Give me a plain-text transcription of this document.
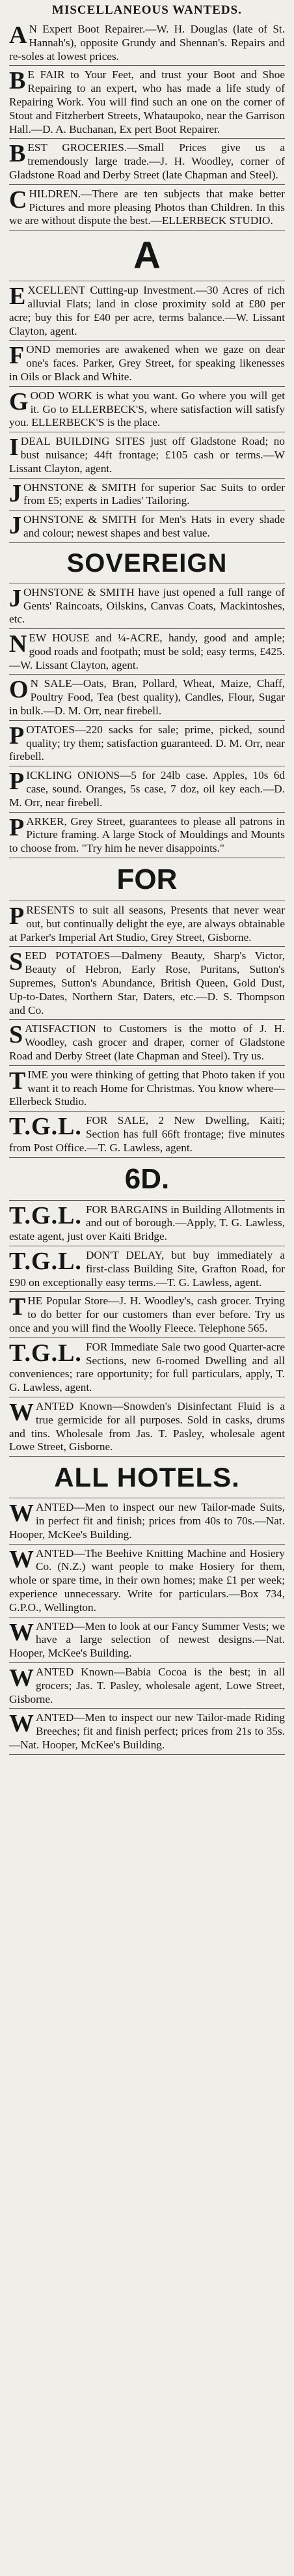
MISCELLANEOUS WANTEDS.
A N Expert Boot Repairer.—W. H. Douglas (late of St. Hannah's), opposite Grundy and Shennan's. Repairs and re-soles at lowest prices.

B E FAIR to Your Feet, and trust your Boot and Shoe Repairing to an expert, who has made a life study of Repairing Work. You will find such an one on the corner of Stout and Fitzherbert Streets, Whataupoko, near the Garrison Hall.—D. A. Buchanan, Ex pert Boot Repairer.

B EST GROCERIES.—Small Prices give us a tremendously large trade.—J. H. Woodley, corner of Gladstone Road and Derby Street (late Chapman and Steel).

C HILDREN.—There are ten subjects that make better Pictures and more pleasing Photos than Children. In this we are without dispute the best.—ELLERBECK STUDIO.

A
E XCELLENT Cutting-up Investment.—30 Acres of rich alluvial Flats; land in close proximity sold at £80 per acre; buy this for £40 per acre, terms balance.—W. Lissant Clayton, agent.

F OND memories are awakened when we gaze on dear one's faces. Parker, Grey Street, for speaking likenesses in Oils or Black and White.

G OOD WORK is what you want. Go where you will get it. Go to ELLERBECK'S, where satisfaction will satisfy you. ELLERBECK'S is the place.

I DEAL BUILDING SITES just off Gladstone Road; no bust nuisance; 44ft frontage; £105 cash or terms.—W Lissant Clayton, agent.

J OHNSTONE & SMITH for superior Sac Suits to order from £5; experts in Ladies' Tailoring.

J OHNSTONE & SMITH for Men's Hats in every shade and colour; newest shapes and best value.

SOVEREIGN
J OHNSTONE & SMITH have just opened a full range of Gents' Raincoats, Oilskins, Canvas Coats, Mackintoshes, etc.

N EW HOUSE and ¼-ACRE, handy, good and ample; good roads and footpath; must be sold; easy terms, £425.—W. Lissant Clayton, agent.

O N SALE—Oats, Bran, Pollard, Wheat, Maize, Chaff, Poultry Food, Tea (best quality), Candles, Flour, Sugar in bulk.—D. M. Orr, near firebell.

P OTATOES—220 sacks for sale; prime, picked, sound quality; try them; satisfaction guaranteed. D. M. Orr, near firebell.

P ICKLING ONIONS—5 for 24lb case. Apples, 10s 6d case, sound. Oranges, 5s case, 7 doz, oil key each.—D. M. Orr, near firebell.

P ARKER, Grey Street, guarantees to please all patrons in Picture framing. A large Stock of Mouldings and Mounts to choose from. "Try him he never disappoints."

FOR
P RESENTS to suit all seasons, Presents that never wear out, but continually delight the eye, are always obtainable at Parker's Imperial Art Studio, Grey Street, Gisborne.

S EED POTATOES—Dalmeny Beauty, Sharp's Victor, Beauty of Hebron, Early Rose, Puritans, Sutton's Supremes, Sutton's Abundance, British Queen, Gold Dust, Up-to-Dates, Northern Star, Daters, etc.—D. S. Thompson and Co.

S ATISFACTION to Customers is the motto of J. H. Woodley, cash grocer and draper, corner of Gladstone Road and Derby Street (late Chapman and Steel). Try us.

T IME you were thinking of getting that Photo taken if you want it to reach Home for Christmas. You know where—Ellerbeck Studio.

T.G.L. FOR SALE, 2 New Dwelling, Kaiti; Section has full 66ft frontage; five minutes from Post Office.—T. G. Lawless, agent.

6D.
T.G.L. FOR BARGAINS in Building Allotments in and out of borough.—Apply, T. G. Lawless, estate agent, just over Kaiti Bridge.

T.G.L. DON'T DELAY, but buy immediately a first-class Building Site, Grafton Road, for £90 on exceptionally easy terms.—T. G. Lawless, agent.

T HE Popular Store—J. H. Woodley's, cash grocer. Trying to do better for our customers than ever before. Try us once and you will find the Woolly Fleece. Telephone 565.

T.G.L. FOR Immediate Sale two good Quarter-acre Sections, new 6-roomed Dwelling and all conveniences; rare opportunity; for full particulars, apply, T. G. Lawless, agent.

W ANTED Known—Snowden's Disinfectant Fluid is a true germicide for all purposes. Sold in casks, drums and tins. Wholesale from Jas. T. Pasley, wholesale agent Lowe Street, Gisborne.

ALL HOTELS.
W ANTED—Men to inspect our new Tailor-made Suits, in perfect fit and finish; prices from 40s to 70s.—Nat. Hooper, McKee's Building.

W ANTED—The Beehive Knitting Machine and Hosiery Co. (N.Z.) want people to make Hosiery for them, whole or spare time, in their own homes; make £1 per week; experience unnecessary. Write for particulars.—Box 734, G.P.O., Wellington.

W ANTED—Men to look at our Fancy Summer Vests; we have a large selection of newest designs.—Nat. Hooper, McKee's Building.

W ANTED Known—Babia Cocoa is the best; in all grocers; Jas. T. Pasley, wholesale agent, Lowe Street, Gisborne.

W ANTED—Men to inspect our new Tailor-made Riding Breeches; fit and finish perfect; prices from 21s to 35s.—Nat. Hooper, McKee's Building.
